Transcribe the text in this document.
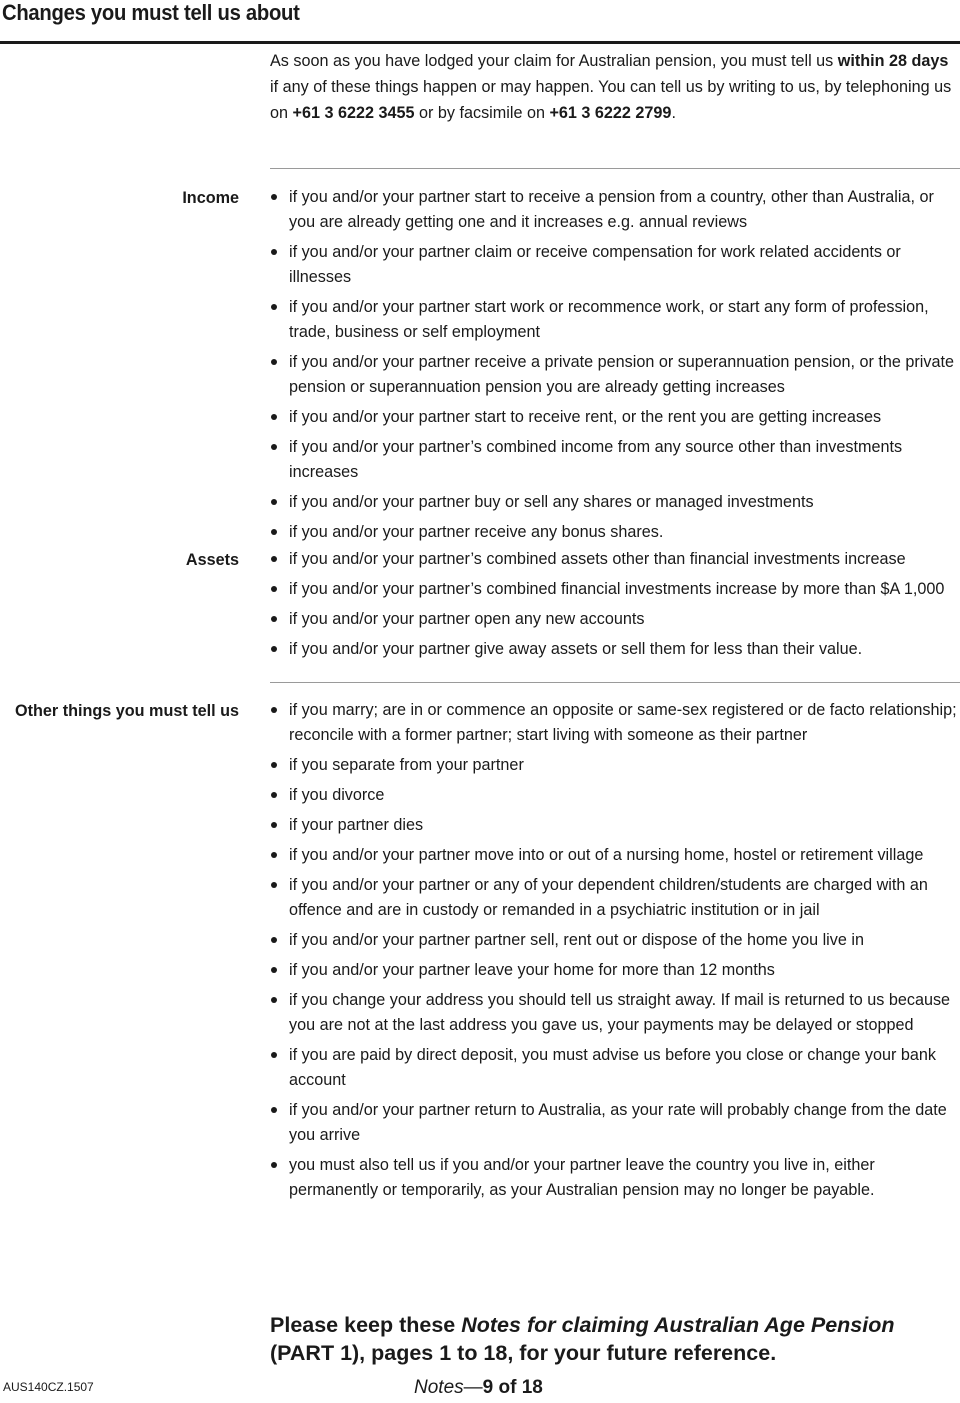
Changes you must tell us about

As soon as you have lodged your claim for Australian pension, you must tell us within 28 days if any of these things happen or may happen. You can tell us by writing to us, by telephoning us on +61 3 6222 3455 or by facsimile on +61 3 6222 2799.

Income	if you and/or your partner start to receive a pension from a country, other than Australia, or you are already getting one and it increases e.g. annual reviews
if you and/or your partner claim or receive compensation for work related accidents or illnesses
if you and/or your partner start work or recommence work, or start any form of profession, trade, business or self employment
if you and/or your partner receive a private pension or superannuation pension, or the private pension or superannuation pension you are already getting increases
if you and/or your partner start to receive rent, or the rent you are getting increases
if you and/or your partner’s combined income from any source other than investments increases
if you and/or your partner buy or sell any shares or managed investments
if you and/or your partner receive any bonus shares.
Assets	if you and/or your partner’s combined assets other than financial investments increase
if you and/or your partner’s combined financial investments increase by more than $A 1,000
if you and/or your partner open any new accounts
if you and/or your partner give away assets or sell them for less than their value.
Other things you must tell us	if you marry; are in or commence an opposite or same-sex registered or de facto relationship; reconcile with a former partner; start living with someone as their partner
if you separate from your partner
if you divorce
if your partner dies
if you and/or your partner move into or out of a nursing home, hostel or retirement village
if you and/or your partner or any of your dependent children/students are charged with an offence and are in custody or remanded in a psychiatric institution or in jail
if you and/or your partner partner sell, rent out or dispose of the home you live in
if you and/or your partner leave your home for more than 12 months
if you change your address you should tell us straight away. If mail is returned to us because you are not at the last address you gave us, your payments may be delayed or stopped
if you are paid by direct deposit, you must advise us before you close or change your bank account
if you and/or your partner return to Australia, as your rate will probably change from the date you arrive
you must also tell us if you and/or your partner leave the country you live in, either permanently or temporarily, as your Australian pension may no longer be payable.
Please keep these Notes for claiming Australian Age Pension (PART 1), pages 1 to 18, for your future reference.
AUS140CZ.1507	Notes—9 of 18
